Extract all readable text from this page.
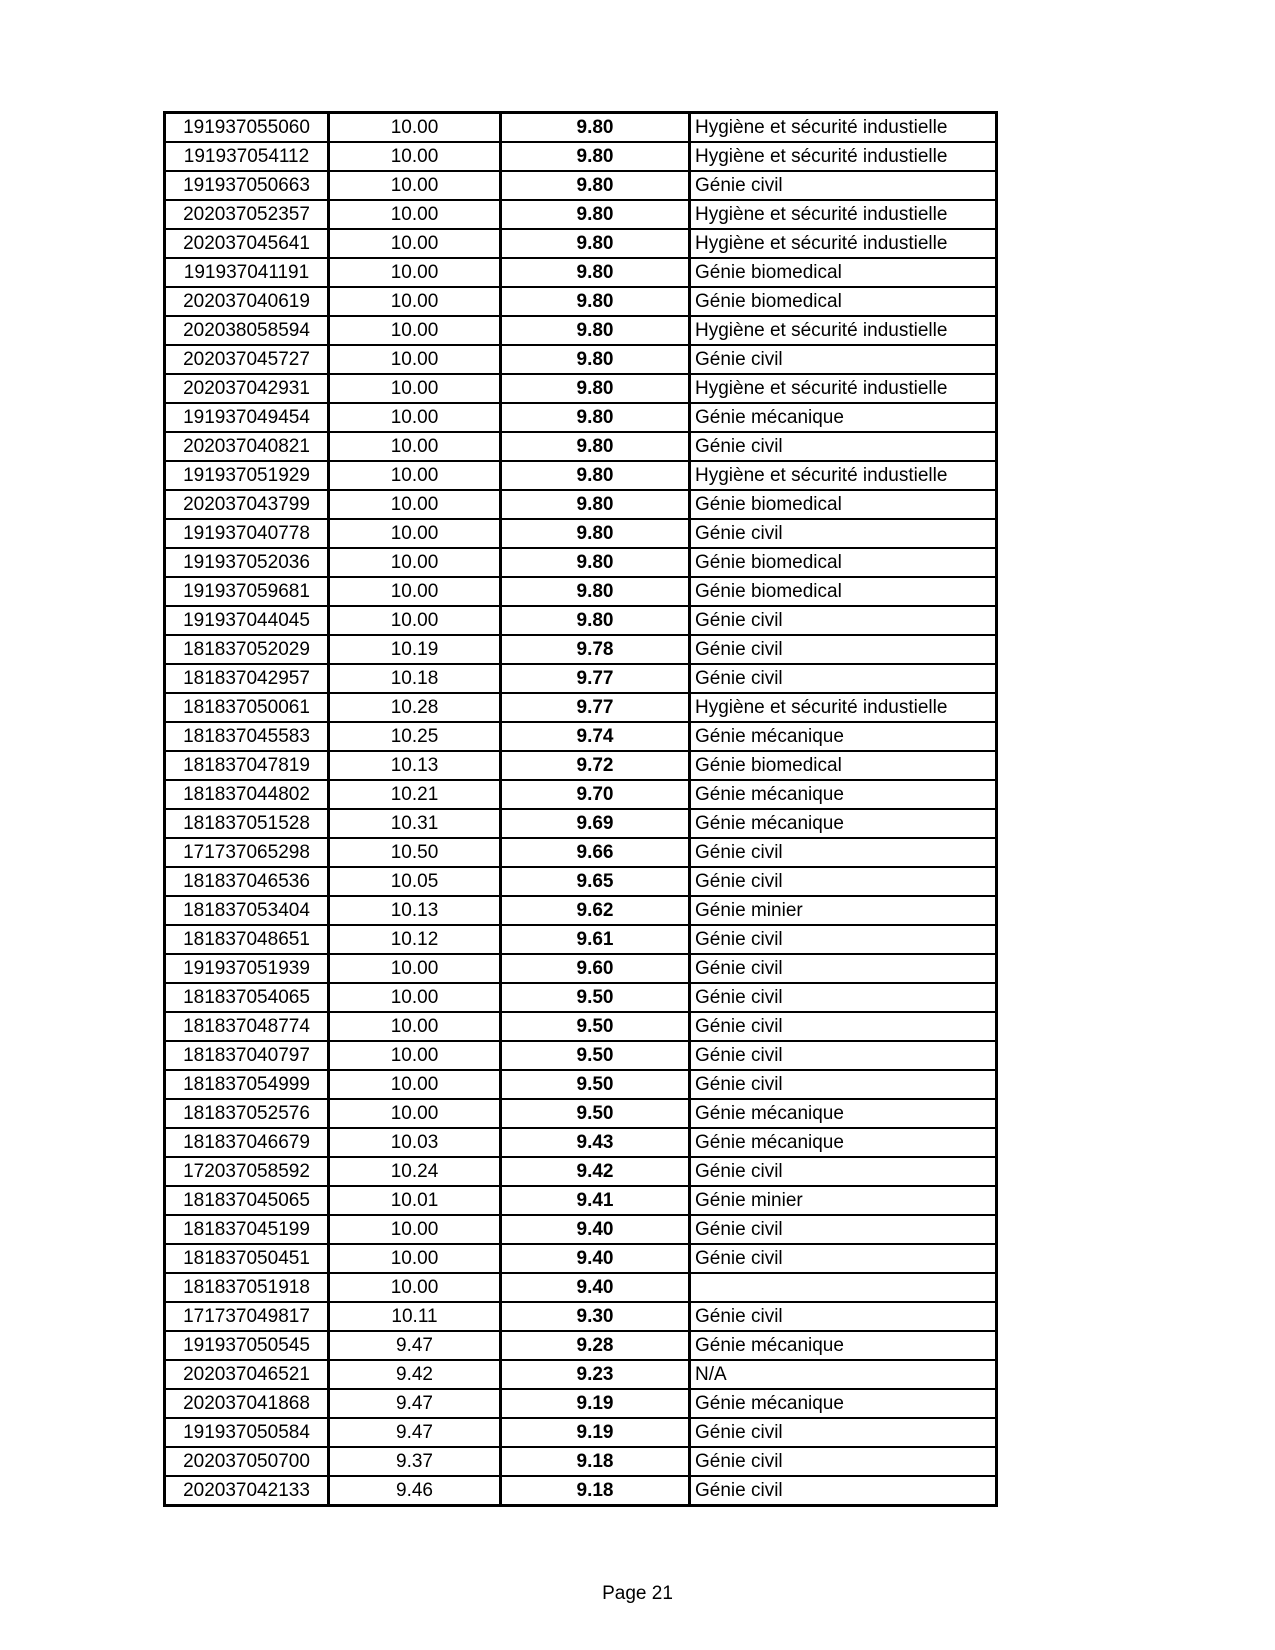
191937055060	10.00	9.80	Hygiène et sécurité industielle
191937054112	10.00	9.80	Hygiène et sécurité industielle
191937050663	10.00	9.80	Génie civil
202037052357	10.00	9.80	Hygiène et sécurité industielle
202037045641	10.00	9.80	Hygiène et sécurité industielle
191937041191	10.00	9.80	Génie biomedical
202037040619	10.00	9.80	Génie biomedical
202038058594	10.00	9.80	Hygiène et sécurité industielle
202037045727	10.00	9.80	Génie civil
202037042931	10.00	9.80	Hygiène et sécurité industielle
191937049454	10.00	9.80	Génie mécanique
202037040821	10.00	9.80	Génie civil
191937051929	10.00	9.80	Hygiène et sécurité industielle
202037043799	10.00	9.80	Génie biomedical
191937040778	10.00	9.80	Génie civil
191937052036	10.00	9.80	Génie biomedical
191937059681	10.00	9.80	Génie biomedical
191937044045	10.00	9.80	Génie civil
181837052029	10.19	9.78	Génie civil
181837042957	10.18	9.77	Génie civil
181837050061	10.28	9.77	Hygiène et sécurité industielle
181837045583	10.25	9.74	Génie mécanique
181837047819	10.13	9.72	Génie biomedical
181837044802	10.21	9.70	Génie mécanique
181837051528	10.31	9.69	Génie mécanique
171737065298	10.50	9.66	Génie civil
181837046536	10.05	9.65	Génie civil
181837053404	10.13	9.62	Génie minier
181837048651	10.12	9.61	Génie civil
191937051939	10.00	9.60	Génie civil
181837054065	10.00	9.50	Génie civil
181837048774	10.00	9.50	Génie civil
181837040797	10.00	9.50	Génie civil
181837054999	10.00	9.50	Génie civil
181837052576	10.00	9.50	Génie mécanique
181837046679	10.03	9.43	Génie mécanique
172037058592	10.24	9.42	Génie civil
181837045065	10.01	9.41	Génie minier
181837045199	10.00	9.40	Génie civil
181837050451	10.00	9.40	Génie civil
181837051918	10.00	9.40	
171737049817	10.11	9.30	Génie civil
191937050545	9.47	9.28	Génie mécanique
202037046521	9.42	9.23	N/A
202037041868	9.47	9.19	Génie mécanique
191937050584	9.47	9.19	Génie civil
202037050700	9.37	9.18	Génie civil
202037042133	9.46	9.18	Génie civil
Page 21
